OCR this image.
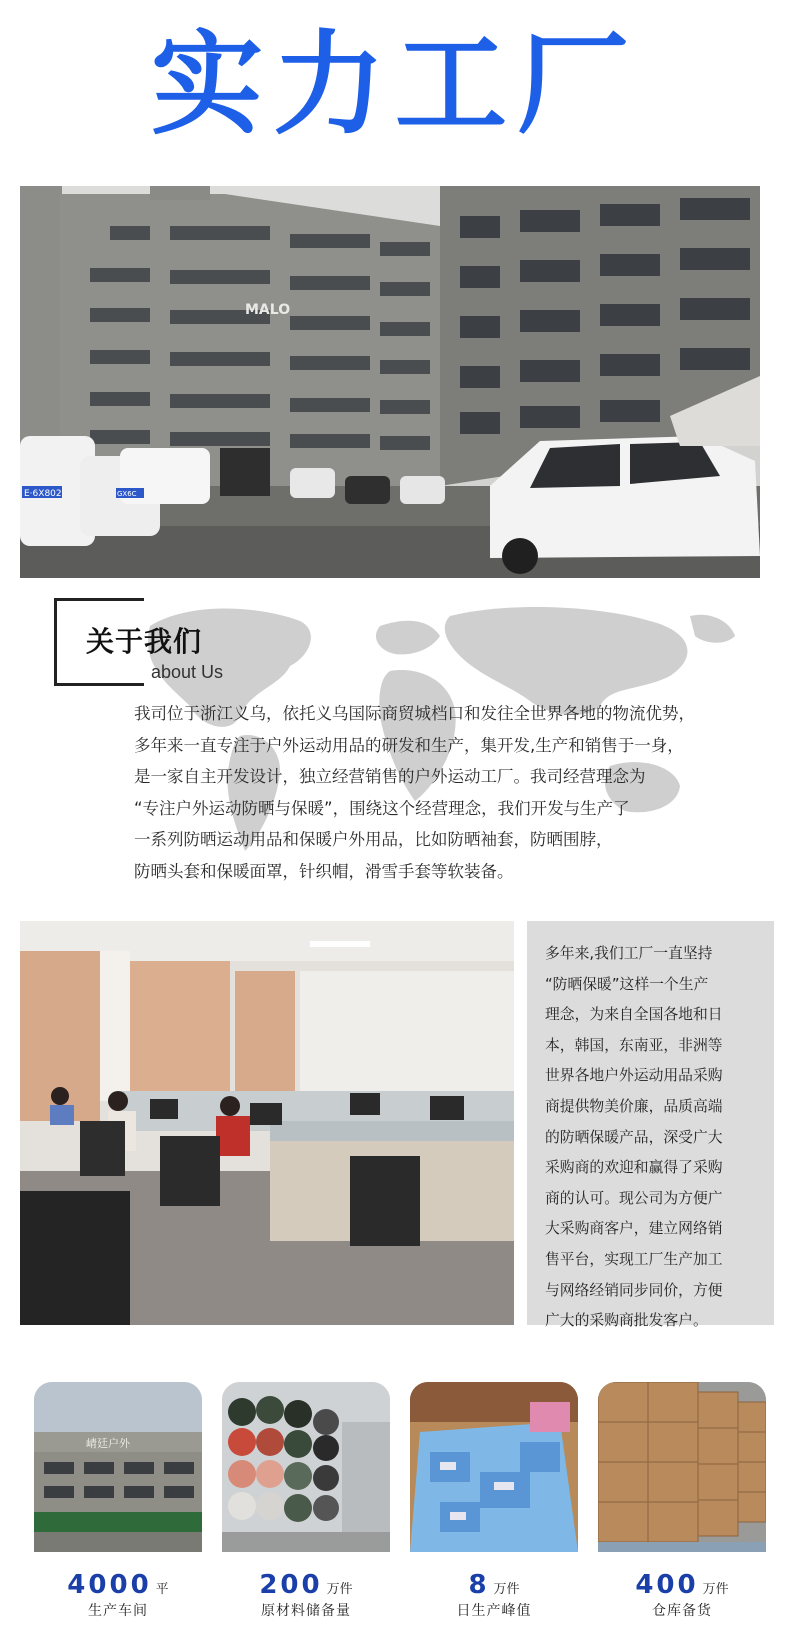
实力工厂
MALO
E·6X802	GX6C
关于我们
about Us

我司位于浙江义乌，依托义乌国际商贸城档口和发往全世界各地的物流优势，

多年来一直专注于户外运动用品的研发和生产，集开发,生产和销售于一身，

是一家自主开发设计，独立经营销售的户外运动工厂。我司经营理念为

“专注户外运动防晒与保暖”，围绕这个经营理念，我们开发与生产了

一系列防晒运动用品和保暖户外用品，比如防晒袖套，防晒围脖，

防晒头套和保暖面罩，针织帽，滑雪手套等软装备。

多年来,我们工厂一直坚持

“防晒保暖”这样一个生产

理念，为来自全国各地和日

本，韩国，东南亚，非洲等

世界各地户外运动用品采购

商提供物美价廉，品质高端

的防晒保暖产品，深受广大

采购商的欢迎和赢得了采购

商的认可。现公司为方便广

大采购商客户，建立网络销

售平台，实现工厂生产加工

与网络经销同步同价，方便

广大的采购商批发客户。

崝廷户外
4000 平
生产车间
200 万件
原材料储备量
8 万件
日生产峰值
400 万件
仓库备货
